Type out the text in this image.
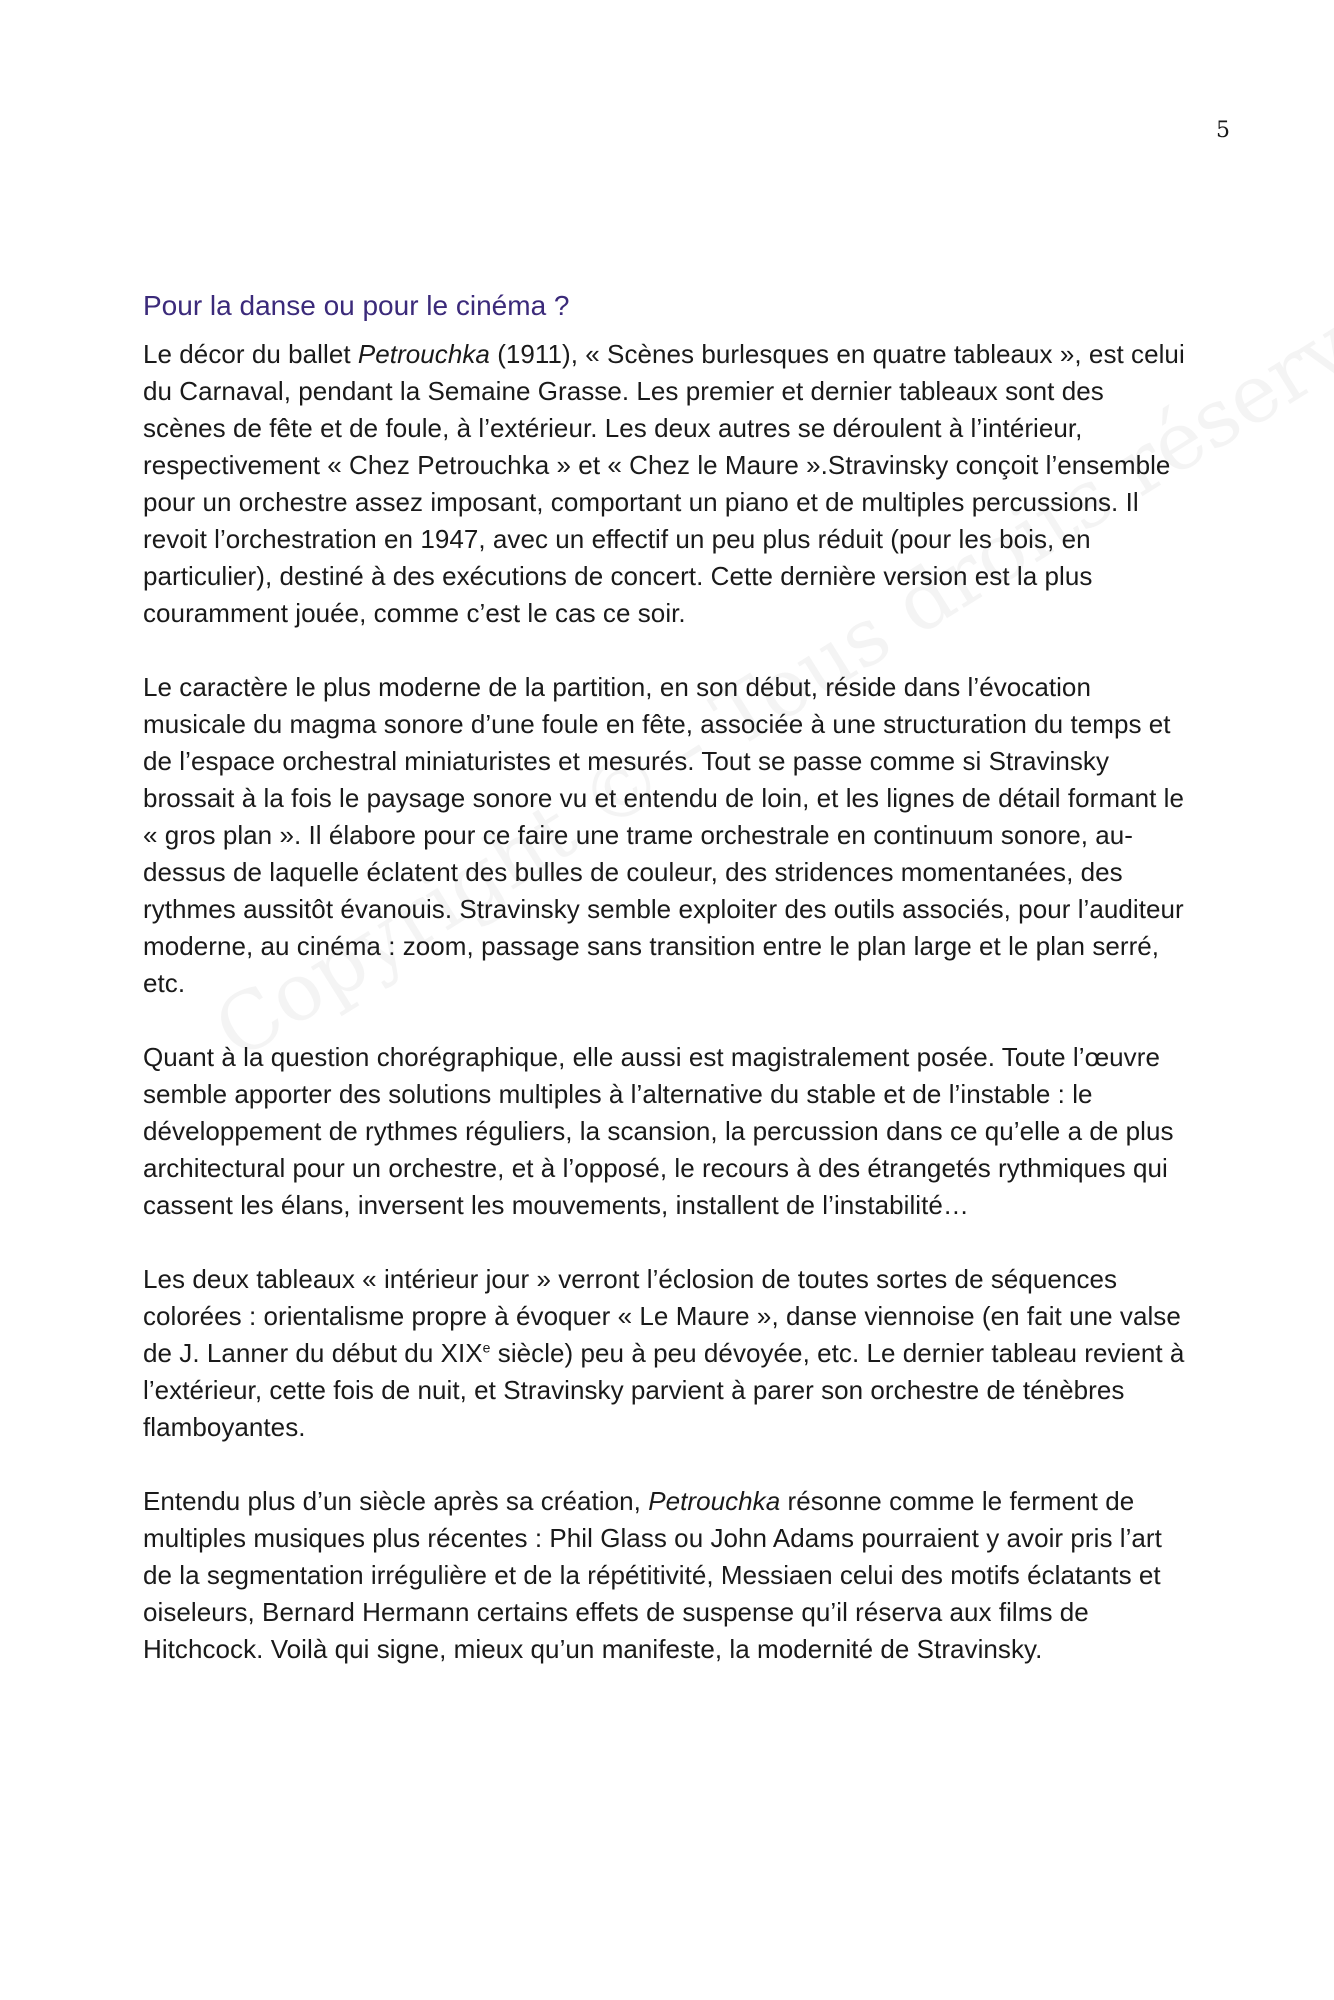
5
Pour la danse ou pour le cinéma ?

Le décor du ballet Petrouchka (1911), « Scènes burlesques en quatre tableaux », est celui du Carnaval, pendant la Semaine Grasse. Les premier et dernier tableaux sont des scènes de fête et de foule, à l’extérieur. Les deux autres se déroulent à l’intérieur, respectivement « Chez Petrouchka » et « Chez le Maure ».Stravinsky conçoit l’ensemble pour un orchestre assez imposant, comportant un piano et de multiples percussions. Il revoit l’orchestration en 1947, avec un effectif un peu plus réduit (pour les bois, en particulier), destiné à des exécutions de concert. Cette dernière version est la plus couramment jouée, comme c’est le cas ce soir.

Le caractère le plus moderne de la partition, en son début, réside dans l’évocation musicale du magma sonore d’une foule en fête, associée à une structuration du temps et de l’espace orchestral miniaturistes et mesurés. Tout se passe comme si Stravinsky brossait à la fois le paysage sonore vu et entendu de loin, et les lignes de détail formant le « gros plan ». Il élabore pour ce faire une trame orchestrale en continuum sonore, au-dessus de laquelle éclatent des bulles de couleur, des stridences momentanées, des rythmes aussitôt évanouis. Stravinsky semble exploiter des outils associés, pour l’auditeur moderne, au cinéma : zoom, passage sans transition entre le plan large et le plan serré, etc.

Quant à la question chorégraphique, elle aussi est magistralement posée. Toute l’œuvre semble apporter des solutions multiples à l’alternative du stable et de l’instable : le développement de rythmes réguliers, la scansion, la percussion dans ce qu’elle a de plus architectural pour un orchestre, et à l’opposé, le recours à des étrangetés rythmiques qui cassent les élans, inversent les mouvements, installent de l’instabilité…

Les deux tableaux « intérieur jour » verront l’éclosion de toutes sortes de séquences colorées : orientalisme propre à évoquer « Le Maure », danse viennoise (en fait une valse de J. Lanner du début du XIXe siècle) peu à peu dévoyée, etc. Le dernier tableau revient à l’extérieur, cette fois de nuit, et Stravinsky parvient à parer son orchestre de ténèbres flamboyantes.

Entendu plus d’un siècle après sa création, Petrouchka résonne comme le ferment de multiples musiques plus récentes : Phil Glass ou John Adams pourraient y avoir pris l’art de la segmentation irrégulière et de la répétitivité, Messiaen celui des motifs éclatants et oiseleurs, Bernard Hermann certains effets de suspense qu’il réserva aux films de Hitchcock. Voilà qui signe, mieux qu’un manifeste, la modernité de Stravinsky.
